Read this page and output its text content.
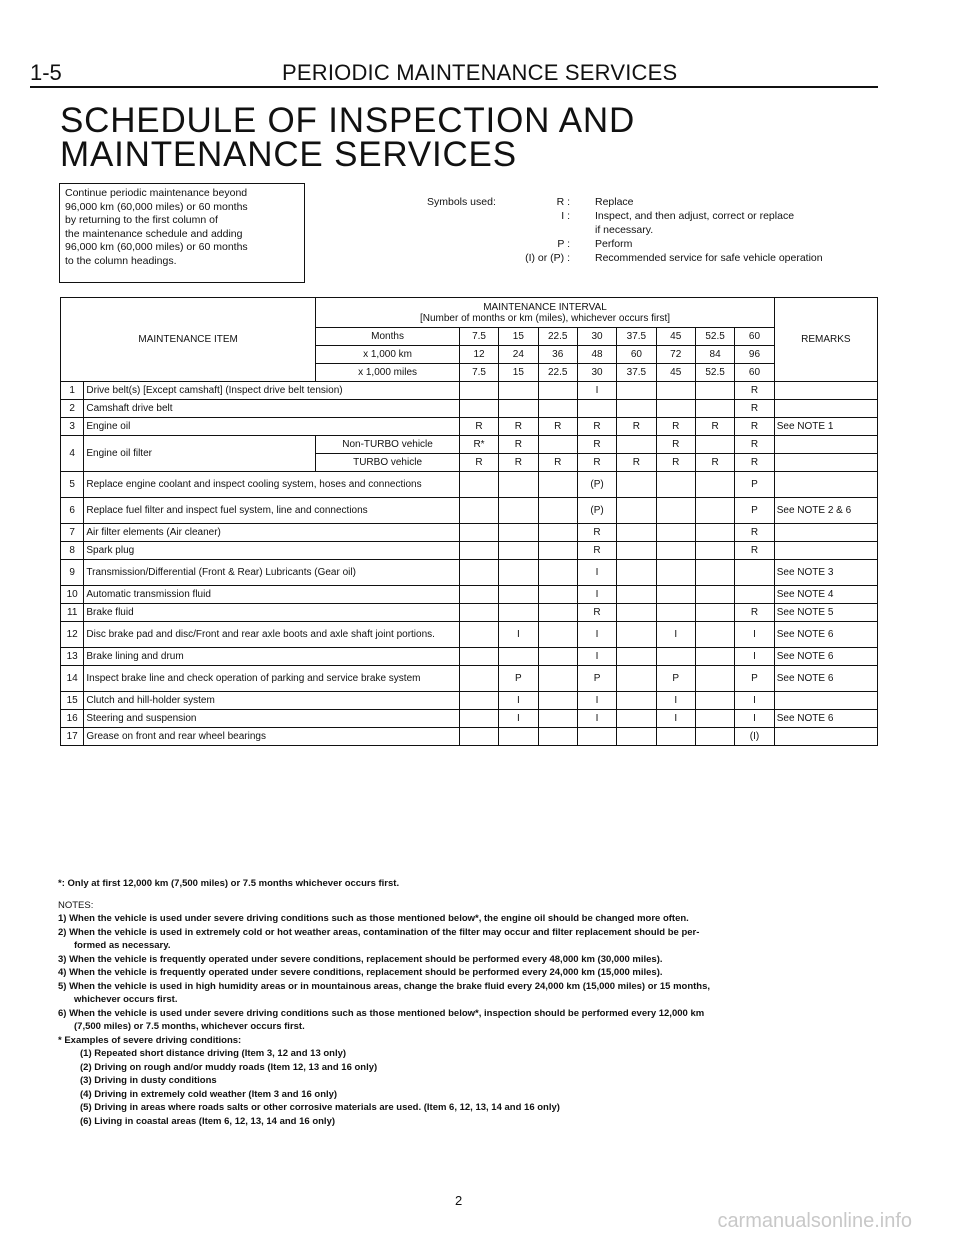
1-5	PERIODIC MAINTENANCE SERVICES
SCHEDULE OF INSPECTION AND
MAINTENANCE SERVICES
Continue periodic maintenance beyond
96,000 km (60,000 miles) or 60 months
by returning to the first column of
the maintenance schedule and adding
96,000 km (60,000 miles) or 60 months
to the column headings.
Symbols used:	R : Replace
I : Inspect, and then adjust, correct or replace
if necessary.
P : Perform
(I) or (P) : Recommended service for safe vehicle operation
MAINTENANCE ITEM		MAINTENANCE INTERVAL
[Number of months or km (miles), whichever occurs first]									REMARKS
		Months	7.5	15	22.5	30	37.5	45	52.5	60	
		x 1,000 km	12	24	36	48	60	72	84	96	
		x 1,000 miles	7.5	15	22.5	30	37.5	45	52.5	60	
1	Drive belt(s) [Except camshaft] (Inspect drive belt tension)					I				R	
2	Camshaft drive belt									R	
3	Engine oil		R	R	R	R	R	R	R	R	See NOTE 1
4	Engine oil filter	Non-TURBO vehicle	R*	R		R		R		R	
		TURBO vehicle	R	R	R	R	R	R	R	R	
5	Replace engine coolant and inspect cooling system, hoses and connections					(P)				P	
6	Replace fuel filter and inspect fuel system, line and connections					(P)				P	See NOTE 2 & 6
7	Air filter elements (Air cleaner)					R				R	
8	Spark plug					R				R	
9	Transmission/Differential (Front & Rear) Lubricants (Gear oil)					I					See NOTE 3
10	Automatic transmission fluid					I					See NOTE 4
11	Brake fluid					R				R	See NOTE 5
12	Disc brake pad and disc/Front and rear axle boots and axle shaft joint portions.			I		I		I		I	See NOTE 6
13	Brake lining and drum					I				I	See NOTE 6
14	Inspect brake line and check operation of parking and service brake system			P		P		P		P	See NOTE 6
15	Clutch and hill-holder system			I		I		I		I	
16	Steering and suspension			I		I		I		I	See NOTE 6
17	Grease on front and rear wheel bearings									(I)	

*: Only at first 12,000 km (7,500 miles) or 7.5 months whichever occurs first.

NOTES:

1) When the vehicle is used under severe driving conditions such as those mentioned below*, the engine oil should be changed more often.

2) When the vehicle is used in extremely cold or hot weather areas, contamination of the filter may occur and filter replacement should be per-

formed as necessary.

3) When the vehicle is frequently operated under severe conditions, replacement should be performed every 48,000 km (30,000 miles).

4) When the vehicle is frequently operated under severe conditions, replacement should be performed every 24,000 km (15,000 miles).

5) When the vehicle is used in high humidity areas or in mountainous areas, change the brake fluid every 24,000 km (15,000 miles) or 15 months,

whichever occurs first.

6) When the vehicle is used under severe driving conditions such as those mentioned below*, inspection should be performed every 12,000 km

(7,500 miles) or 7.5 months, whichever occurs first.

* Examples of severe driving conditions:

(1) Repeated short distance driving (Item 3, 12 and 13 only)

(2) Driving on rough and/or muddy roads (Item 12, 13 and 16 only)

(3) Driving in dusty conditions

(4) Driving in extremely cold weather (Item 3 and 16 only)

(5) Driving in areas where roads salts or other corrosive materials are used. (Item 6, 12, 13, 14 and 16 only)

(6) Living in coastal areas (Item 6, 12, 13, 14 and 16 only)

2
carmanualsonline.info
